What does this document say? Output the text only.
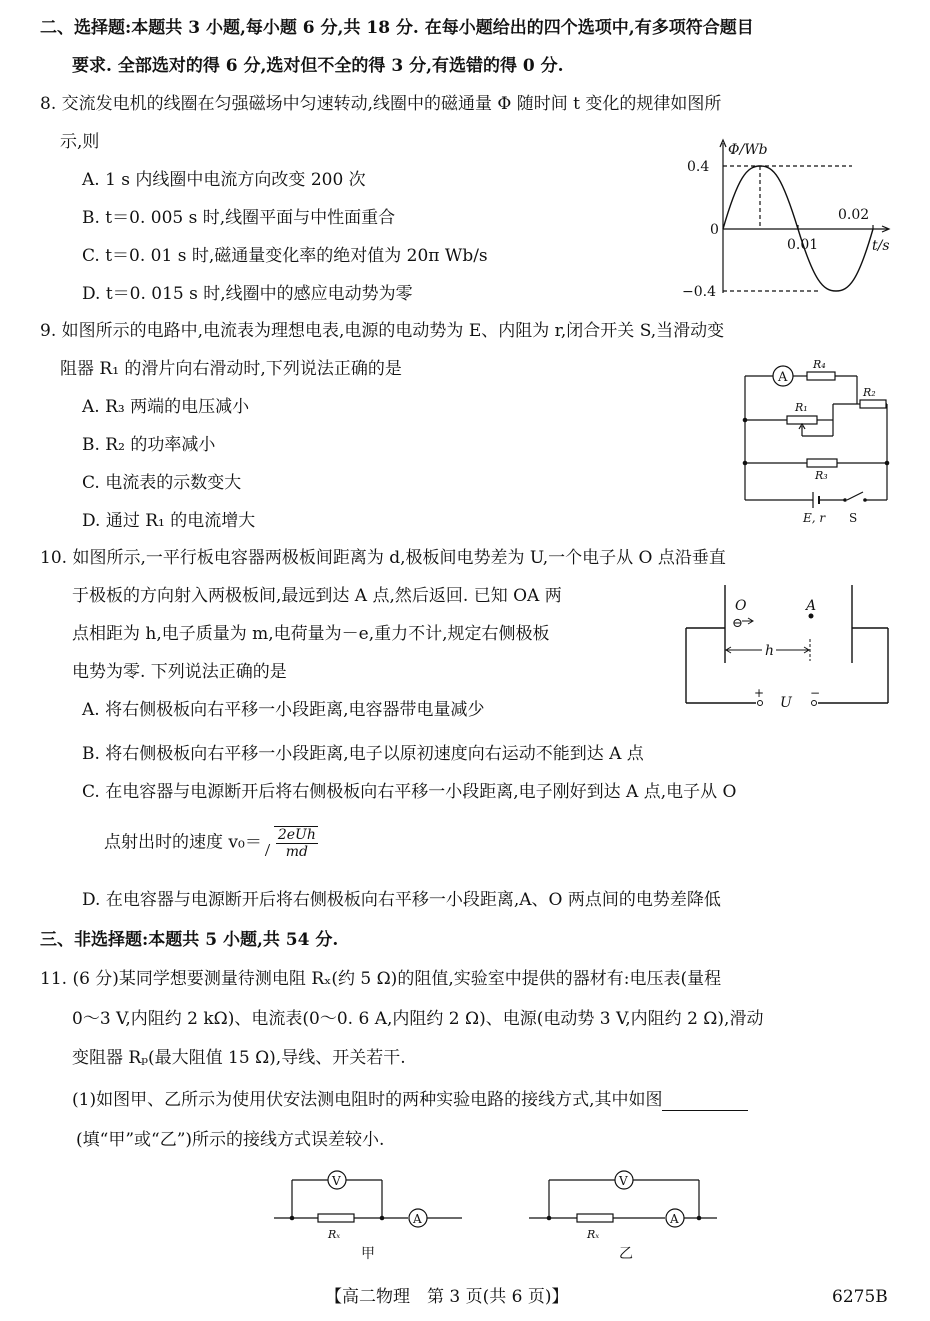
二、选择题:本题共 3 小题,每小题 6 分,共 18 分. 在每小题给出的四个选项中,有多项符合题目
要求. 全部选对的得 6 分,选对但不全的得 3 分,有选错的得 0 分.
8. 交流发电机的线圈在匀强磁场中匀速转动,线圈中的磁通量 Φ 随时间 t 变化的规律如图所
示,则
A. 1 s 内线圈中电流方向改变 200 次
B. t＝0. 005 s 时,线圈平面与中性面重合
C. t＝0. 01 s 时,磁通量变化率的绝对值为 20π Wb/s
D. t＝0. 015 s 时,线圈中的感应电动势为零
Φ/Wb
0.4
0
−0.4
0.01
0.02
t/s
9. 如图所示的电路中,电流表为理想电表,电源的电动势为 E、内阻为 r,闭合开关 S,当滑动变
阻器 R₁ 的滑片向右滑动时,下列说法正确的是
A. R₃ 两端的电压减小
B. R₂ 的功率减小
C. 电流表的示数变大
D. 通过 R₁ 的电流增大
A
R₄
R₁
R₂
R₃
E, r S
10. 如图所示,一平行板电容器两极板间距离为 d,极板间电势差为 U,一个电子从 O 点沿垂直
于极板的方向射入两极板间,最远到达 A 点,然后返回. 已知 OA 两
点相距为 h,电子质量为 m,电荷量为－e,重力不计,规定右侧极板
电势为零. 下列说法正确的是
A. 将右侧极板向右平移一小段距离,电容器带电量减少
B. 将右侧极板向右平移一小段距离,电子以原初速度向右运动不能到达 A 点
C. 在电容器与电源断开后将右侧极板向右平移一小段距离,电子刚好到达 A 点,电子从 O
点射出时的速度 $v_0= \frac{\text{2eUh}}{md}$
D. 在电容器与电源断开后将右侧极板向右平移一小段距离,A、O 两点间的电势差降低
O
⊖
A
h
+
U
−
三、非选择题:本题共 5 小题,共 54 分.
11. (6 分)某同学想要测量待测电阻 Rₓ(约 5 Ω)的阻值,实验室中提供的器材有:电压表(量程
0～3 V,内阻约 2 kΩ)、电流表(0～0. 6 A,内阻约 2 Ω)、电源(电动势 3 V,内阻约 2 Ω),滑动
变阻器 Rₚ(最大阻值 15 Ω),导线、开关若干.
(1)如图甲、乙所示为使用伏安法测电阻时的两种实验电路的接线方式,其中如图
(填“甲”或“乙”)所示的接线方式误差较小.
V
A
Rₓ
甲
V
A
Rₓ
乙
【高二物理　第 3 页(共 6 页)】	6275B
